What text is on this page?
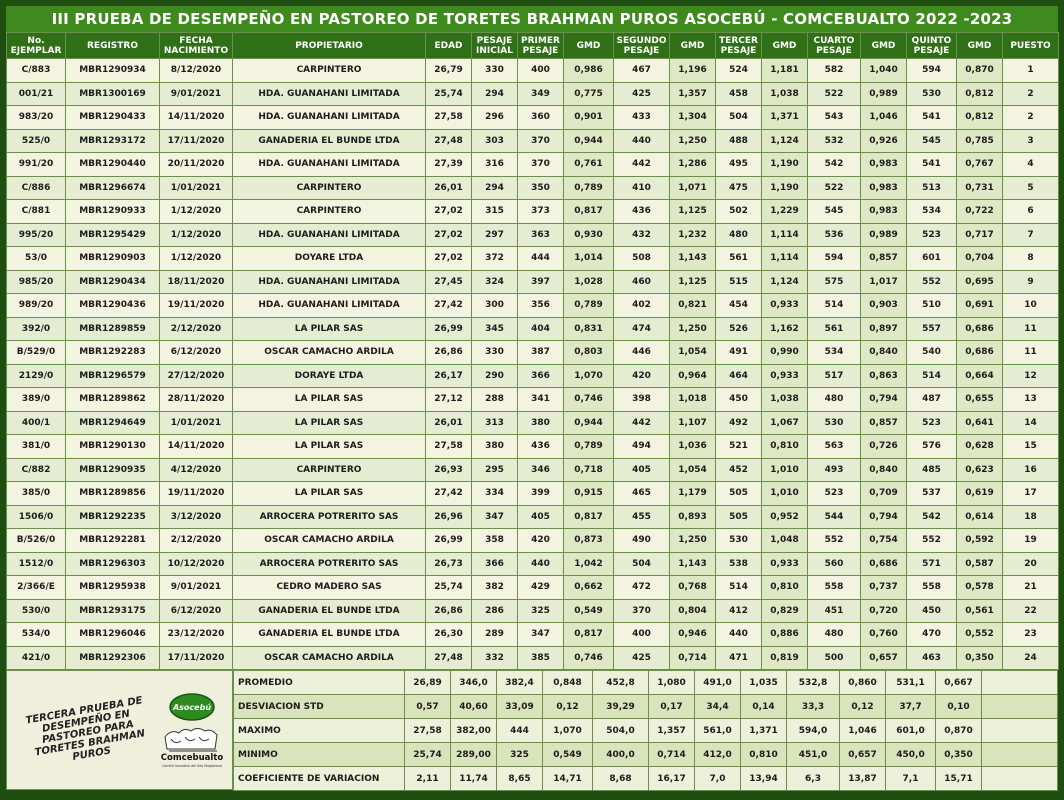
III PRUEBA DE DESEMPEÑO EN PASTOREO DE TORETES BRAHMAN PUROS ASOCEBÚ - COMCEBUALTO 2022 -2023
No. EJEMPLAR	REGISTRO	FECHA NACIMIENTO	PROPIETARIO	EDAD	PESAJE INICIAL	PRIMER PESAJE	GMD	SEGUNDO PESAJE	GMD	TERCER PESAJE	GMD	CUARTO PESAJE	GMD	QUINTO PESAJE	GMD	PUESTO
C/883	MBR1290934	8/12/2020	CARPINTERO	26,79	330	400	0,986	467	1,196	524	1,181	582	1,040	594	0,870	1
001/21	MBR1300169	9/01/2021	HDA. GUANAHANI LIMITADA	25,74	294	349	0,775	425	1,357	458	1,038	522	0,989	530	0,812	2
983/20	MBR1290433	14/11/2020	HDA. GUANAHANI LIMITADA	27,58	296	360	0,901	433	1,304	504	1,371	543	1,046	541	0,812	2
525/0	MBR1293172	17/11/2020	GANADERIA EL BUNDE LTDA	27,48	303	370	0,944	440	1,250	488	1,124	532	0,926	545	0,785	3
991/20	MBR1290440	20/11/2020	HDA. GUANAHANI LIMITADA	27,39	316	370	0,761	442	1,286	495	1,190	542	0,983	541	0,767	4
C/886	MBR1296674	1/01/2021	CARPINTERO	26,01	294	350	0,789	410	1,071	475	1,190	522	0,983	513	0,731	5
C/881	MBR1290933	1/12/2020	CARPINTERO	27,02	315	373	0,817	436	1,125	502	1,229	545	0,983	534	0,722	6
995/20	MBR1295429	1/12/2020	HDA. GUANAHANI LIMITADA	27,02	297	363	0,930	432	1,232	480	1,114	536	0,989	523	0,717	7
53/0	MBR1290903	1/12/2020	DOYARE LTDA	27,02	372	444	1,014	508	1,143	561	1,114	594	0,857	601	0,704	8
985/20	MBR1290434	18/11/2020	HDA. GUANAHANI LIMITADA	27,45	324	397	1,028	460	1,125	515	1,124	575	1,017	552	0,695	9
989/20	MBR1290436	19/11/2020	HDA. GUANAHANI LIMITADA	27,42	300	356	0,789	402	0,821	454	0,933	514	0,903	510	0,691	10
392/0	MBR1289859	2/12/2020	LA PILAR SAS	26,99	345	404	0,831	474	1,250	526	1,162	561	0,897	557	0,686	11
B/529/0	MBR1292283	6/12/2020	OSCAR CAMACHO ARDILA	26,86	330	387	0,803	446	1,054	491	0,990	534	0,840	540	0,686	11
2129/0	MBR1296579	27/12/2020	DORAYE LTDA	26,17	290	366	1,070	420	0,964	464	0,933	517	0,863	514	0,664	12
389/0	MBR1289862	28/11/2020	LA PILAR SAS	27,12	288	341	0,746	398	1,018	450	1,038	480	0,794	487	0,655	13
400/1	MBR1294649	1/01/2021	LA PILAR SAS	26,01	313	380	0,944	442	1,107	492	1,067	530	0,857	523	0,641	14
381/0	MBR1290130	14/11/2020	LA PILAR SAS	27,58	380	436	0,789	494	1,036	521	0,810	563	0,726	576	0,628	15
C/882	MBR1290935	4/12/2020	CARPINTERO	26,93	295	346	0,718	405	1,054	452	1,010	493	0,840	485	0,623	16
385/0	MBR1289856	19/11/2020	LA PILAR SAS	27,42	334	399	0,915	465	1,179	505	1,010	523	0,709	537	0,619	17
1506/0	MBR1292235	3/12/2020	ARROCERA POTRERITO SAS	26,96	347	405	0,817	455	0,893	505	0,952	544	0,794	542	0,614	18
B/526/0	MBR1292281	2/12/2020	OSCAR CAMACHO ARDILA	26,99	358	420	0,873	490	1,250	530	1,048	552	0,754	552	0,592	19
1512/0	MBR1296303	10/12/2020	ARROCERA POTRERITO SAS	26,73	366	440	1,042	504	1,143	538	0,933	560	0,686	571	0,587	20
2/366/E	MBR1295938	9/01/2021	CEDRO MADERO SAS	25,74	382	429	0,662	472	0,768	514	0,810	558	0,737	558	0,578	21
530/0	MBR1293175	6/12/2020	GANADERIA EL BUNDE LTDA	26,86	286	325	0,549	370	0,804	412	0,829	451	0,720	450	0,561	22
534/0	MBR1296046	23/12/2020	GANADERIA EL BUNDE LTDA	26,30	289	347	0,817	400	0,946	440	0,886	480	0,760	470	0,552	23
421/0	MBR1292306	17/11/2020	OSCAR CAMACHO ARDILA	27,48	332	385	0,746	425	0,714	471	0,819	500	0,657	463	0,350	24
TERCERA PRUEBA DE DESEMPEÑO EN PASTOREO PARA TORETES BRAHMAN PUROS
Asocebú
Comcebualto
Comité Ganadero del Alto Magdalena
PROMEDIO	26,89	346,0	382,4	0,848	452,8	1,080	491,0	1,035	532,8	0,860	531,1	0,667	
DESVIACION STD	0,57	40,60	33,09	0,12	39,29	0,17	34,4	0,14	33,3	0,12	37,7	0,10	
MAXIMO	27,58	382,00	444	1,070	504,0	1,357	561,0	1,371	594,0	1,046	601,0	0,870	
MINIMO	25,74	289,00	325	0,549	400,0	0,714	412,0	0,810	451,0	0,657	450,0	0,350	
COEFICIENTE DE VARIACION	2,11	11,74	8,65	14,71	8,68	16,17	7,0	13,94	6,3	13,87	7,1	15,71	
